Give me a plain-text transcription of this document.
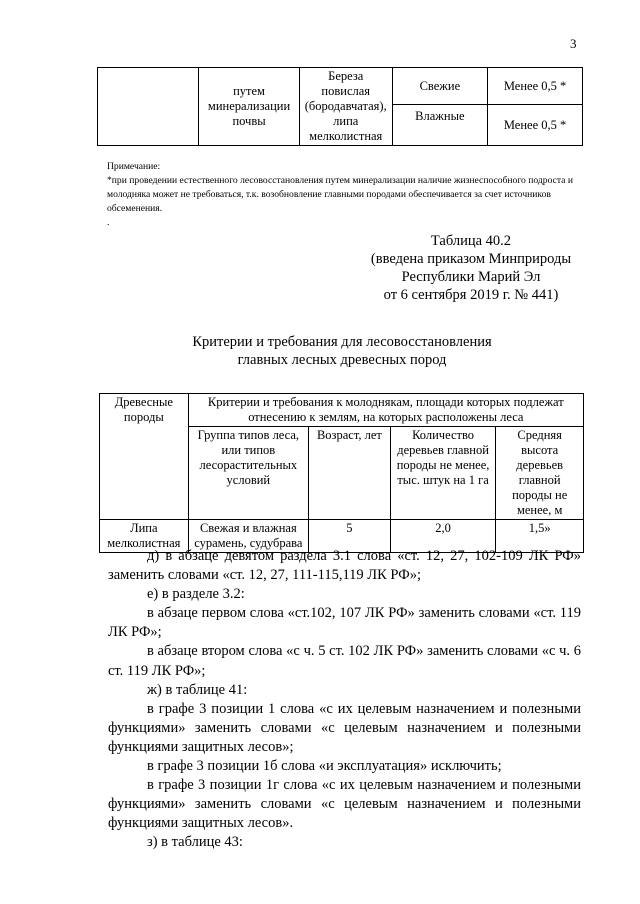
3
	путем минерализации почвы	Береза повислая (бородавчатая), липа мелколистная	Свежие	Менее 0,5 *
			Влажные	Менее 0,5 *

Примечание:

*при проведении естественного лесовосстановления путем минерализации наличие жизнеспособного подроста и молодняка может не требоваться, т.к. возобновление главными породами обеспечивается за счет источников обсеменения.

.

Таблица 40.2
(введена приказом Минприроды
Республики Марий Эл
от 6 сентября 2019 г. № 441)
Критерии и требования для лесовосстановления
главных лесных древесных пород
Древесные породы	Критерии и требования к молоднякам, площади которых подлежат отнесению к землям, на которых расположены леса			
	Группа типов леса, или типов лесорастительных условий	Возраст, лет	Количество деревьев главной породы не менее, тыс. штук на 1 га	Средняя высота деревьев главной породы не менее, м
Липа мелколистная	Свежая и влажная сурамень, судубрава	5	2,0	1,5»

д) в абзаце девятом раздела 3.1 слова «ст. 12, 27, 102-109 ЛК РФ» заменить словами «ст. 12, 27, 111-115,119 ЛК РФ»;

е) в разделе 3.2:

в абзаце первом слова «ст.102, 107 ЛК РФ» заменить словами «ст. 119 ЛК РФ»;

в абзаце втором слова «с ч. 5 ст. 102 ЛК РФ» заменить словами «с ч. 6 ст. 119 ЛК РФ»;

ж) в таблице 41:

в графе 3 позиции 1 слова «с их целевым назначением и полезными функциями» заменить словами «с целевым назначением и полезными функциями защитных лесов»;

в графе 3 позиции 1б слова «и эксплуатация» исключить;

в графе 3 позиции 1г слова «с их целевым назначением и полезными функциями» заменить словами «с целевым назначением и полезными функциями защитных лесов».

з) в таблице 43:
